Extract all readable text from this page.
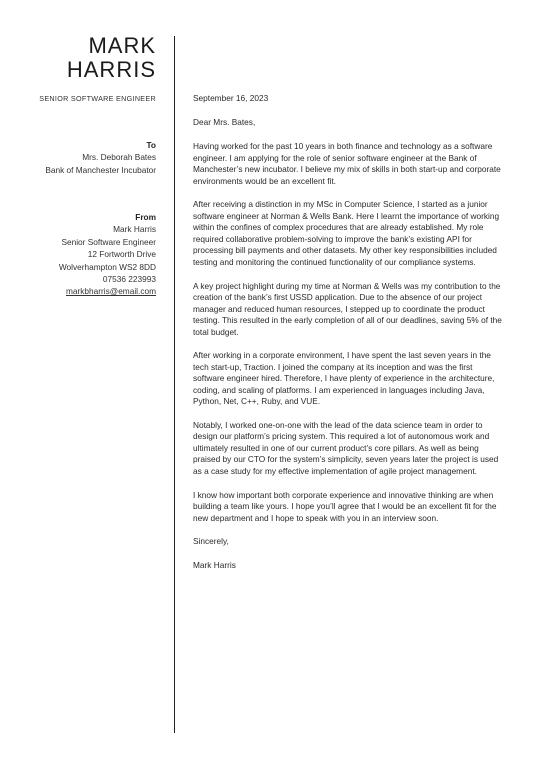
MARK
HARRIS
SENIOR SOFTWARE ENGINEER
To
Mrs. Deborah Bates
Bank of Manchester Incubator
From
Mark Harris
Senior Software Engineer
12 Fortworth Drive
Wolverhampton WS2 8DD
07536 223993
markbharris@email.com

September 16, 2023

Dear Mrs. Bates,

Having worked for the past 10 years in both finance and technology as a software engineer. I am applying for the role of senior software engineer at the Bank of Manchester’s new incubator. I believe my mix of skills in both start-up and corporate environments would be an excellent fit.

After receiving a distinction in my MSc in Computer Science, I started as a junior software engineer at Norman & Wells Bank. Here I learnt the importance of working within the confines of complex procedures that are already established. My role required collaborative problem-solving to improve the bank’s existing API for processing bill payments and other datasets. My other key responsibilities included testing and monitoring the continued functionality of our compliance systems.

A key project highlight during my time at Norman & Wells was my contribution to the creation of the bank’s first USSD application. Due to the absence of our project manager and reduced human resources, I stepped up to coordinate the product testing. This resulted in the early completion of all of our deadlines, saving 5% of the total budget.

After working in a corporate environment, I have spent the last seven years in the tech start-up, Traction. I joined the company at its inception and was the first software engineer hired. Therefore, I have plenty of experience in the architecture, coding, and scaling of platforms. I am experienced in languages including Java, Python, Net, C++, Ruby, and VUE.

Notably, I worked one-on-one with the lead of the data science team in order to design our platform’s pricing system. This required a lot of autonomous work and ultimately resulted in one of our current product’s core pillars. As well as being praised by our CTO for the system’s simplicity, seven years later the project is used as a case study for my effective implementation of agile project management.

I know how important both corporate experience and innovative thinking are when building a team like yours. I hope you’ll agree that I would be an excellent fit for the new department and I hope to speak with you in an interview soon.

Sincerely,

Mark Harris
